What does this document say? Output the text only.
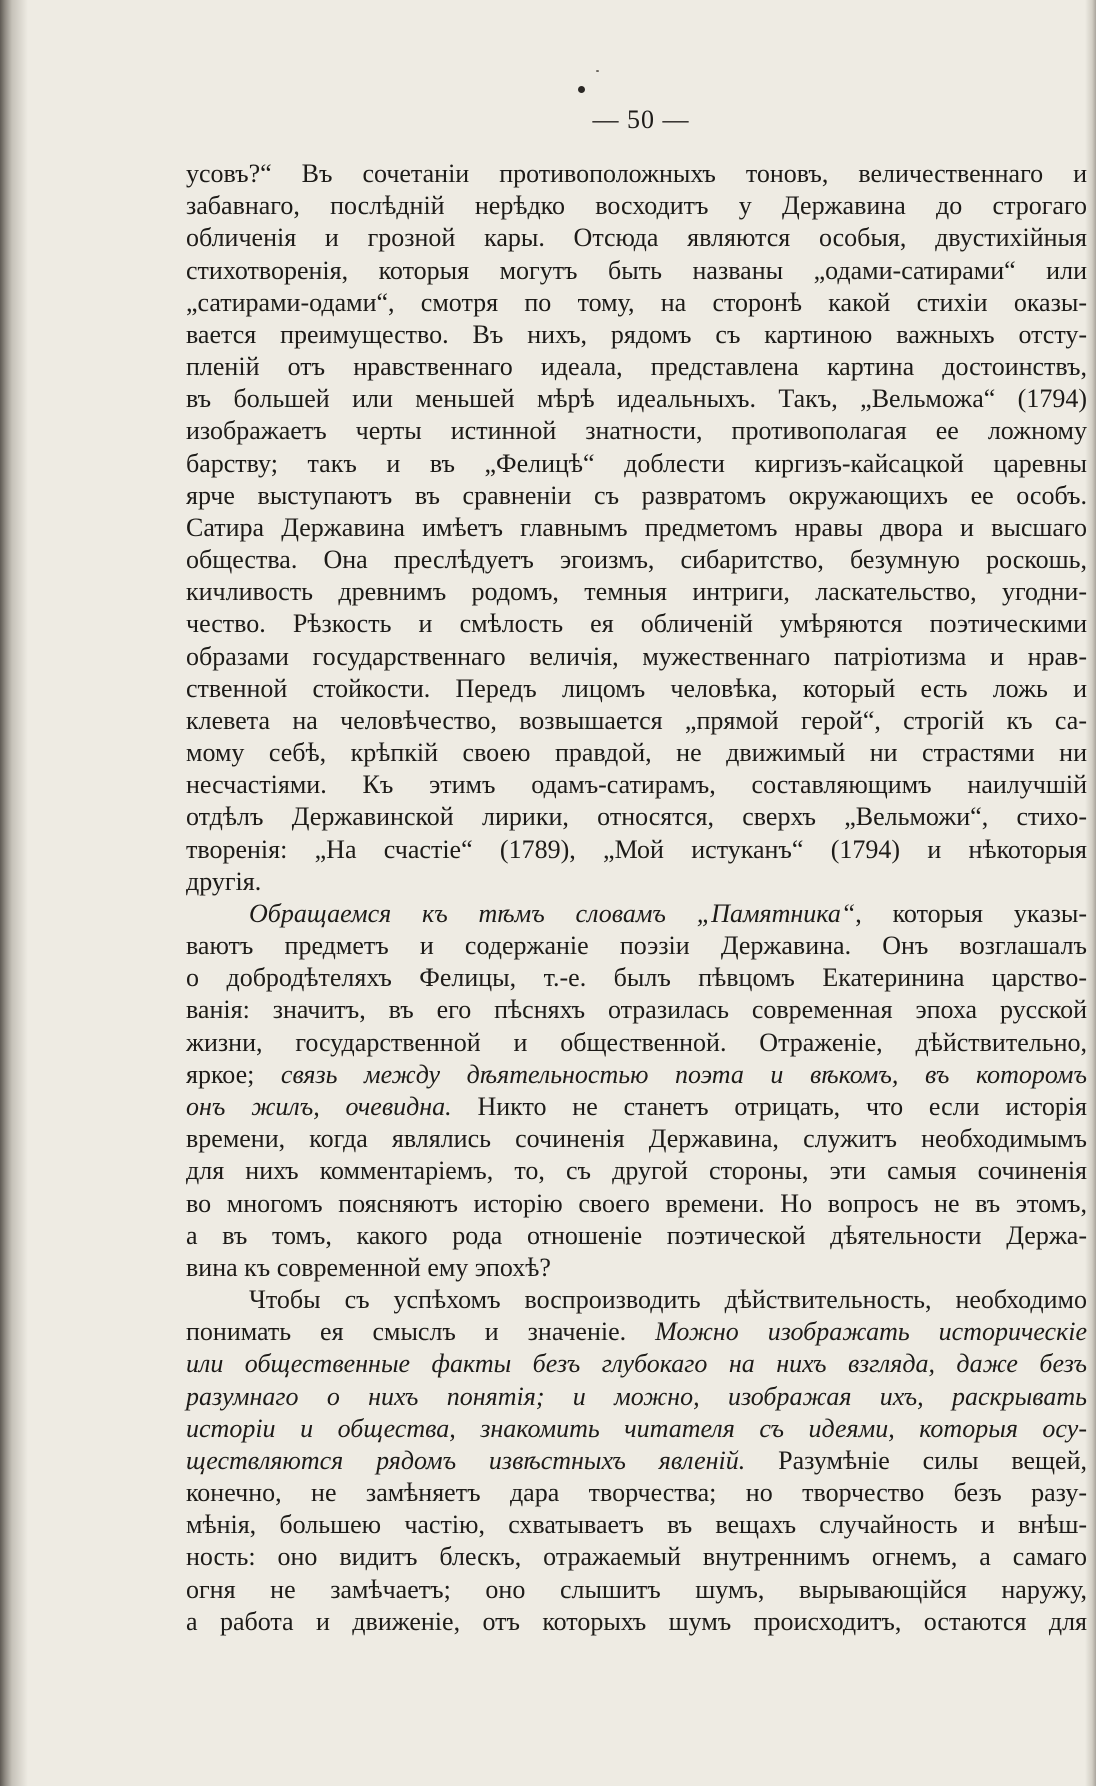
— 50 —
усовъ?“ Въ сочетаніи противоположныхъ тоновъ, величественнаго и
забавнаго, послѣдній нерѣдко восходитъ у Державина до строгаго
обличенія и грозной кары. Отсюда являются особыя, двустихійныя
стихотворенія, которыя могутъ быть названы „одами-сатирами“ или
„сатирами-одами“, смотря по тому, на сторонѣ какой стихіи оказы-
вается преимущество. Въ нихъ, рядомъ съ картиною важныхъ отсту-
пленій отъ нравственнаго идеала, представлена картина достоинствъ,
въ большей или меньшей мѣрѣ идеальныхъ. Такъ, „Вельможа“ (1794)
изображаетъ черты истинной знатности, противополагая ее ложному
барству; такъ и въ „Фелицѣ“ доблести киргизъ-кайсацкой царевны
ярче выступаютъ въ сравненіи съ развратомъ окружающихъ ее особъ.
Сатира Державина имѣетъ главнымъ предметомъ нравы двора и высшаго
общества. Она преслѣдуетъ эгоизмъ, сибаритство, безумную роскошь,
кичливость древнимъ родомъ, темныя интриги, ласкательство, угодни-
чество. Рѣзкость и смѣлость ея обличеній умѣряются поэтическими
образами государственнаго величія, мужественнаго патріотизма и нрав-
ственной стойкости. Передъ лицомъ человѣка, который есть ложь и
клевета на человѣчество, возвышается „прямой герой“, строгій къ са-
мому себѣ, крѣпкій своею правдой, не движимый ни страстями ни
несчастіями. Къ этимъ одамъ-сатирамъ, составляющимъ наилучшій
отдѣлъ Державинской лирики, относятся, сверхъ „Вельможи“, стихо-
творенія: „На счастіе“ (1789), „Мой истуканъ“ (1794) и нѣкоторыя
другія.
Обращаемся къ тѣмъ словамъ „Памятника“, которыя указы-
ваютъ предметъ и содержаніе поэзіи Державина. Онъ возглашалъ
о добродѣтеляхъ Фелицы, т.-е. былъ пѣвцомъ Екатеринина царство-
ванія: значитъ, въ его пѣсняхъ отразилась современная эпоха русской
жизни, государственной и общественной. Отраженіе, дѣйствительно,
яркое; связь между дѣятельностью поэта и вѣкомъ, въ которомъ
онъ жилъ, очевидна. Никто не станетъ отрицать, что если исторія
времени, когда являлись сочиненія Державина, служитъ необходимымъ
для нихъ комментаріемъ, то, съ другой стороны, эти самыя сочиненія
во многомъ поясняютъ исторію своего времени. Но вопросъ не въ этомъ,
а въ томъ, какого рода отношеніе поэтической дѣятельности Держа-
вина къ современной ему эпохѣ?
Чтобы съ успѣхомъ воспроизводить дѣйствительность, необходимо
понимать ея смыслъ и значеніе. Можно изображать историческіе
или общественные факты безъ глубокаго на нихъ взгляда, даже безъ
разумнаго о нихъ понятія; и можно, изображая ихъ, раскрывать
исторіи и общества, знакомить читателя съ идеями, которыя осу-
ществляются рядомъ извѣстныхъ явленій. Разумѣніе силы вещей,
конечно, не замѣняетъ дара творчества; но творчество безъ разу-
мѣнія, большею частію, схватываетъ въ вещахъ случайность и внѣш-
ность: оно видитъ блескъ, отражаемый внутреннимъ огнемъ, а самаго
огня не замѣчаетъ; оно слышитъ шумъ, вырывающійся наружу,
а работа и движеніе, отъ которыхъ шумъ происходитъ, остаются для
